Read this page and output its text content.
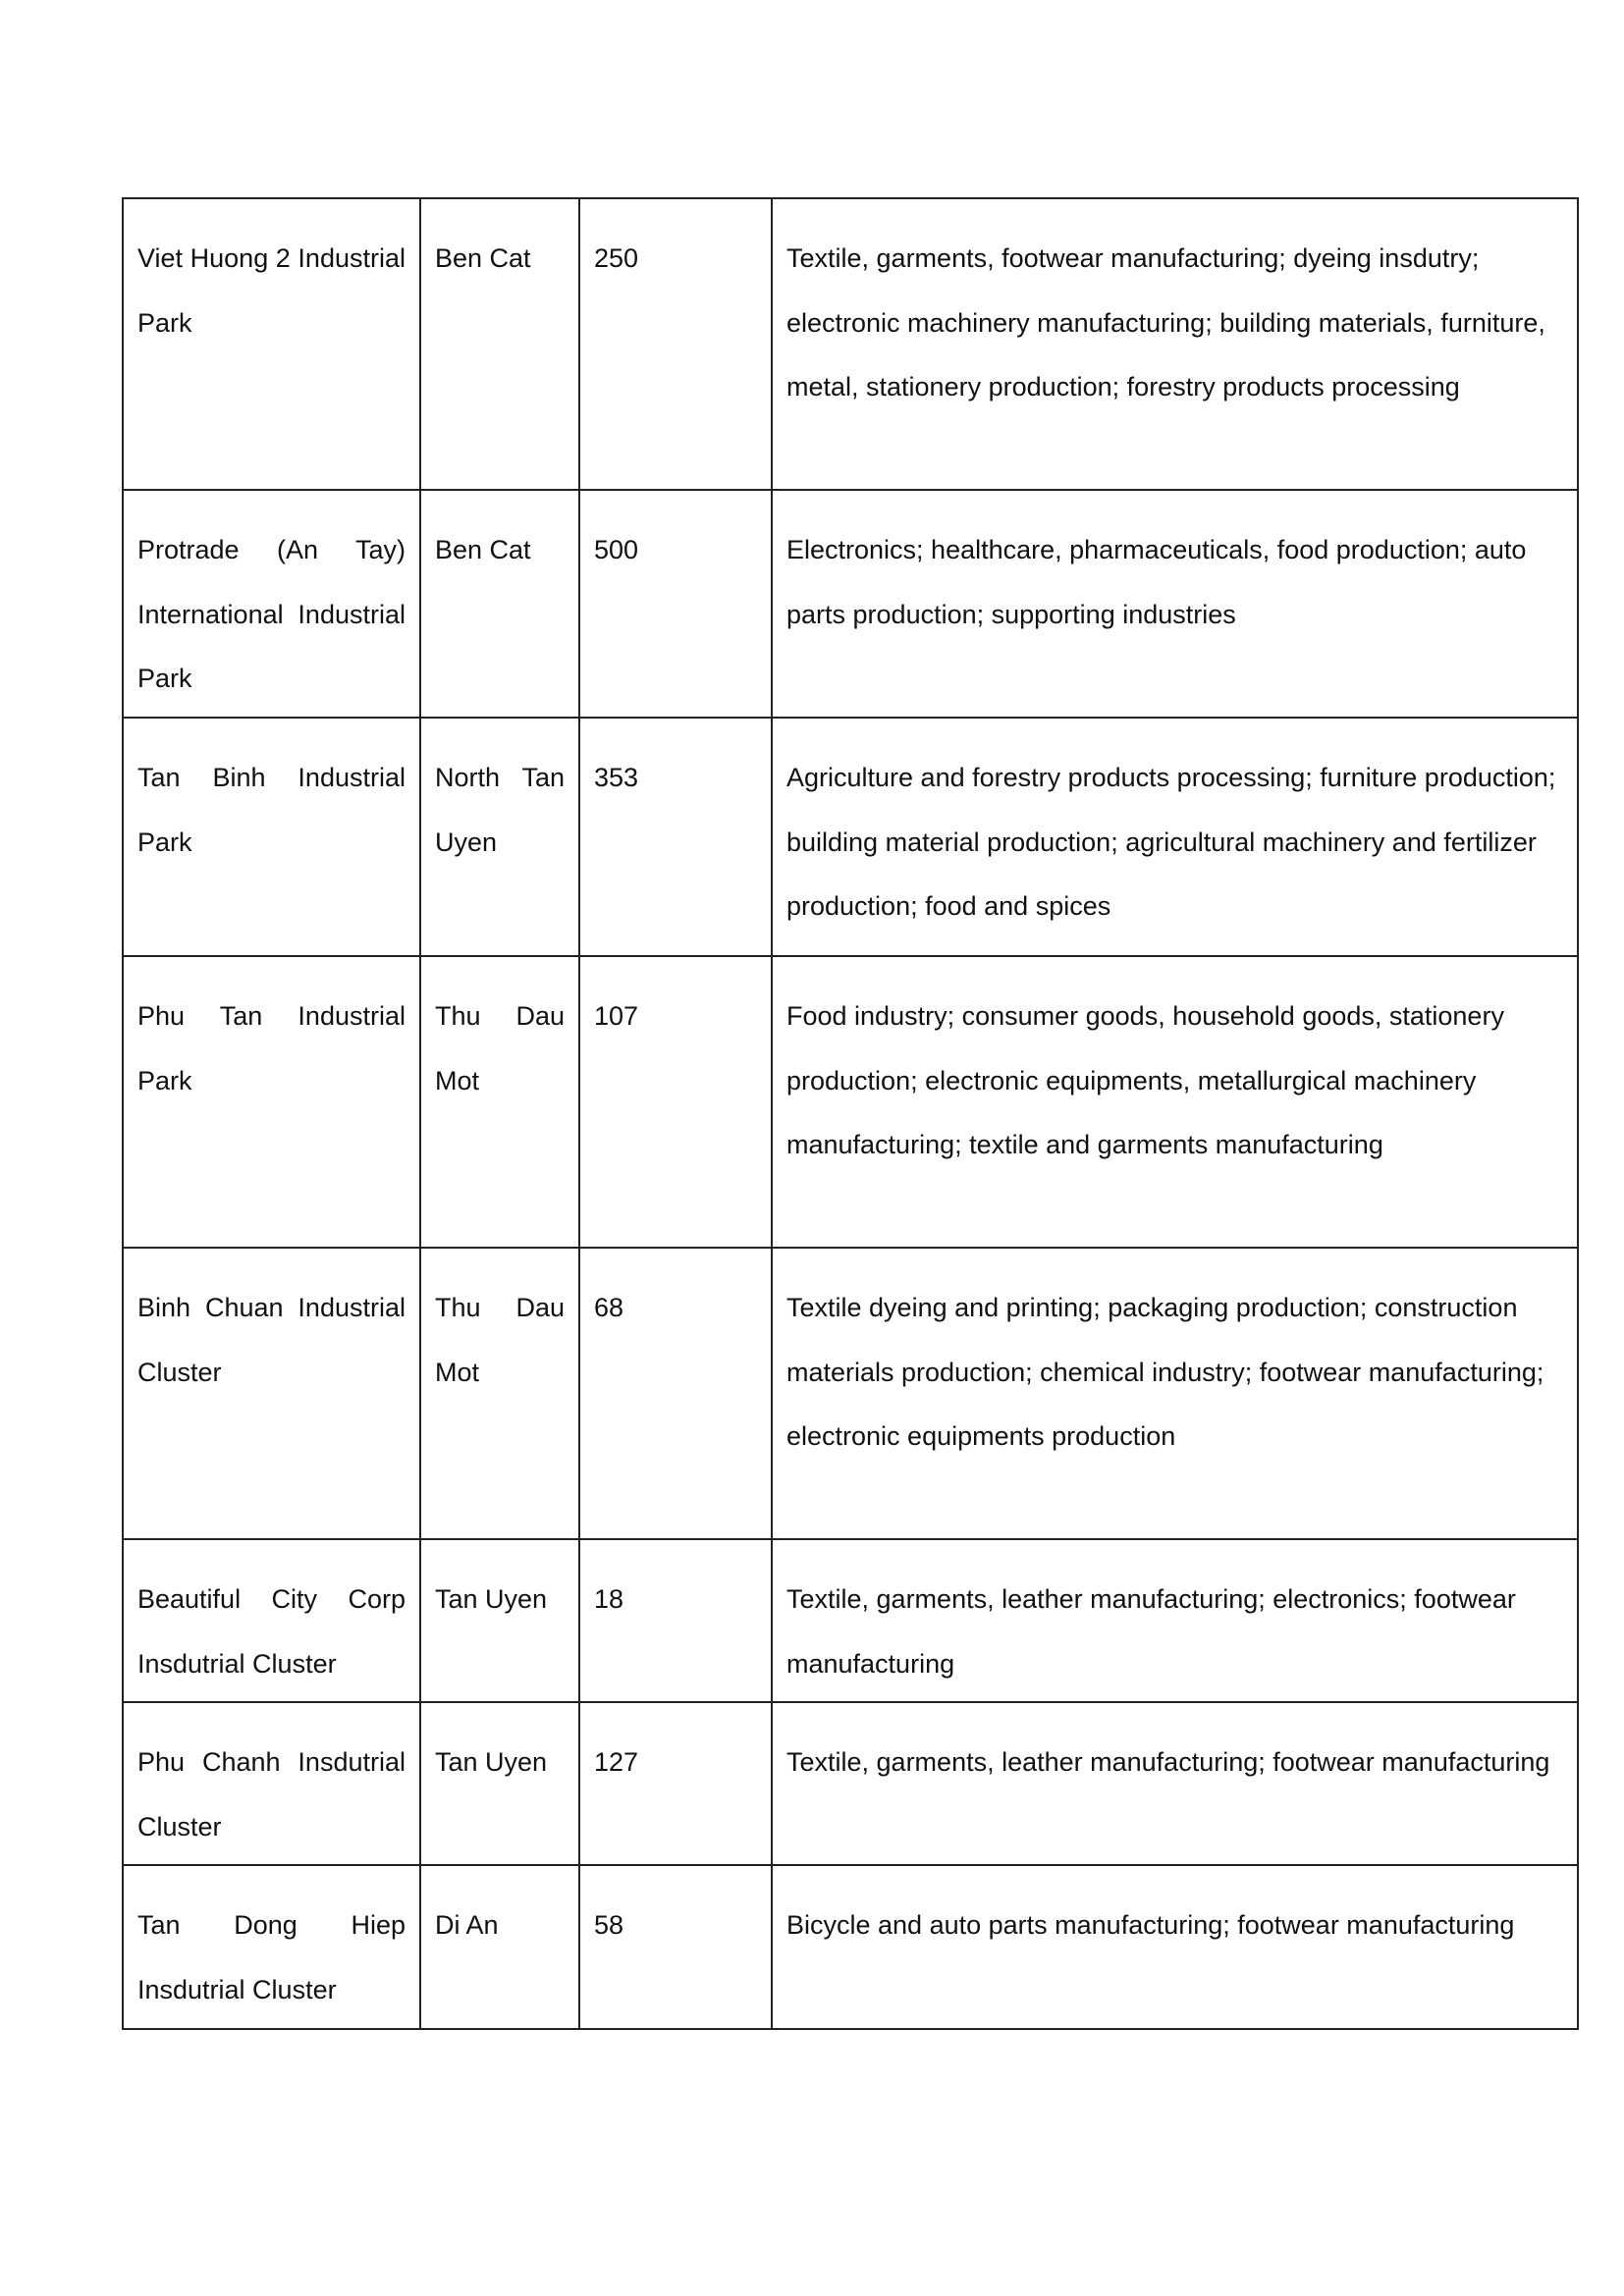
Viet Huong 2 Industrial Park	Ben Cat	250	Textile, garments, footwear manufacturing; dyeing insdutry; electronic machinery manufacturing; building materials, furniture, metal, stationery production; forestry products processing
Protrade (An Tay) International Industrial Park	Ben Cat	500	Electronics; healthcare, pharmaceuticals, food production; auto parts production; supporting industries
Tan Binh Industrial Park	North Tan Uyen	353	Agriculture and forestry products processing; furniture production; building material production; agricultural machinery and fertilizer production; food and spices
Phu Tan Industrial Park	Thu Dau Mot	107	Food industry; consumer goods, household goods, stationery production; electronic equipments, metallurgical machinery manufacturing; textile and garments manufacturing
Binh Chuan Industrial Cluster	Thu Dau Mot	68	Textile dyeing and printing; packaging production; construction materials production; chemical industry; footwear manufacturing; electronic equipments production
Beautiful City Corp Insdutrial Cluster	Tan Uyen	18	Textile, garments, leather manufacturing; electronics; footwear manufacturing
Phu Chanh Insdutrial Cluster	Tan Uyen	127	Textile, garments, leather manufacturing; footwear manufacturing
Tan Dong Hiep Insdutrial Cluster	Di An	58	Bicycle and auto parts manufacturing; footwear manufacturing
